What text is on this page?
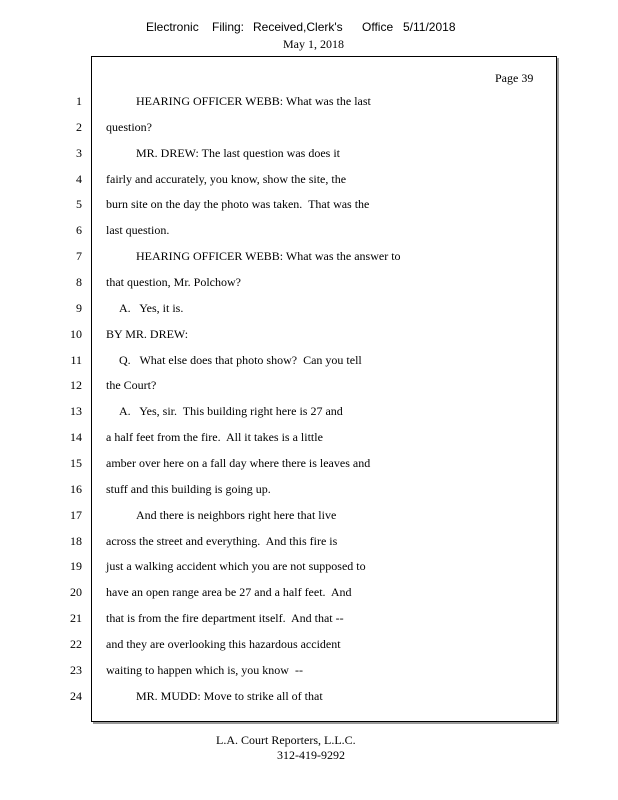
Electronic Filing: Received,Clerk's Office 5/11/2018
May 1, 2018
Page 39
1	HEARING OFFICER WEBB: What was the last
2 question?
3	MR. DREW: The last question was does it
4 fairly and accurately, you know, show the site, the
5 burn site on the day the photo was taken.  That was the
6 last question.
7	HEARING OFFICER WEBB: What was the answer to
8 that question, Mr. Polchow?
9	A.   Yes, it is.
10 BY MR. DREW:
11	Q.   What else does that photo show?  Can you tell
12 the Court?
13	A.   Yes, sir.  This building right here is 27 and
14 a half feet from the fire.  All it takes is a little
15 amber over here on a fall day where there is leaves and
16 stuff and this building is going up.
17	And there is neighbors right here that live
18 across the street and everything.  And this fire is
19 just a walking accident which you are not supposed to
20 have an open range area be 27 and a half feet.  And
21 that is from the fire department itself.  And that --
22 and they are overlooking this hazardous accident
23 waiting to happen which is, you know  --
24	MR. MUDD: Move to strike all of that
L.A. Court Reporters, L.L.C.
312-419-9292
